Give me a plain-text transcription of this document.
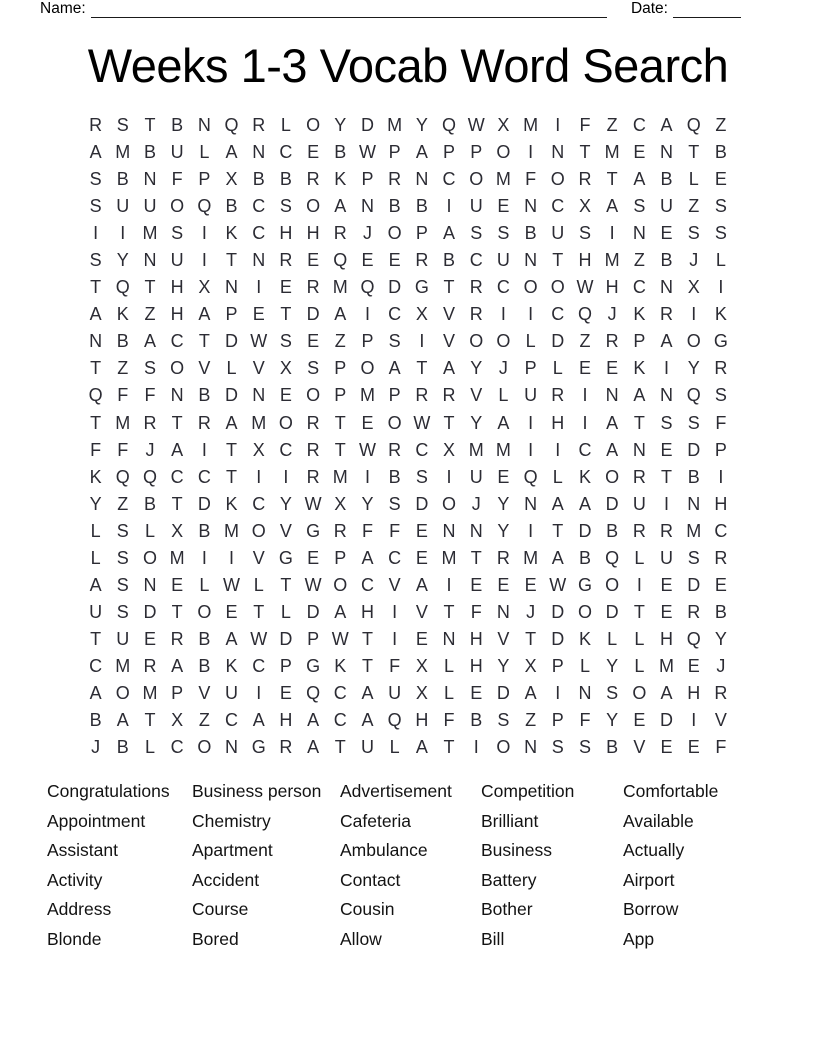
Name:	Date:
Weeks 1-3 Vocab Word Search
R S T B N Q R L O Y D M Y Q W X M I	F Z C A Q Z
A M B U L A N C E B W P A P P O I	N T M E N T B
S B N F P X B B R K P R N C O M F O R T A B L E
S U U O Q B C S O A N B B	I	U E N C X A S U Z S
I	I M S	I	K C H H R J O P A S S B U S	I	N E S S
S Y N U	I	T N R E Q E E R B C U N T H M Z B J L
T Q T H X N	I	E R M Q D G T R C O O W H C N X	I
A K Z H A P E T D A	I	C X V R	I	I	C Q J K R	I	K
N B A C T D W S E Z P S	I	V O O L D Z R P A O G
T Z S O V L V X S P O A T A Y J P L E E K	I	Y R
Q F F N B D N E O P M P R R V L U R	I	N A N Q S
T M R T R A M O R T E O W T Y A	I	H	I	A T S S F
F F J A	I	T X C R T W R C X M M I	I	C A N E D P
K Q Q C C T	I	I	R M I	B S	I	U E Q L K O R T B	I
Y Z B T D K C Y W X Y S D O J Y N A A D U	I	N H
L S L X B M O V G R F F E N N Y	I	T D B R R M C
L S O M I	I	V G E P A C E M T R M A B Q L U S R
A S N E L W L T W O C V A	I	E E E W G O I	E D E
U S D T O E T L D A H	I	V T F N J D O D T E R B
T U E R B A W D P W T	I	E N H V T D K L L H Q Y
C M R A B K C P G K T F X L H Y X P L Y L M E J
A O M P V U	I	E Q C A U X L E D A	I	N S O A H R
B A T X Z C A H A C A Q H F B S Z P F Y E D	I	V
J B L C O N G R A T U L A T	I O N S S B V E E F
Congratulations
Appointment
Assistant
Activity
Address
Blonde
Business person
Chemistry
Apartment
Accident
Course
Bored
Advertisement
Cafeteria
Ambulance
Contact
Cousin
Allow
Competition
Brilliant
Business
Battery
Bother
Bill
Comfortable
Available
Actually
Airport
Borrow
App
